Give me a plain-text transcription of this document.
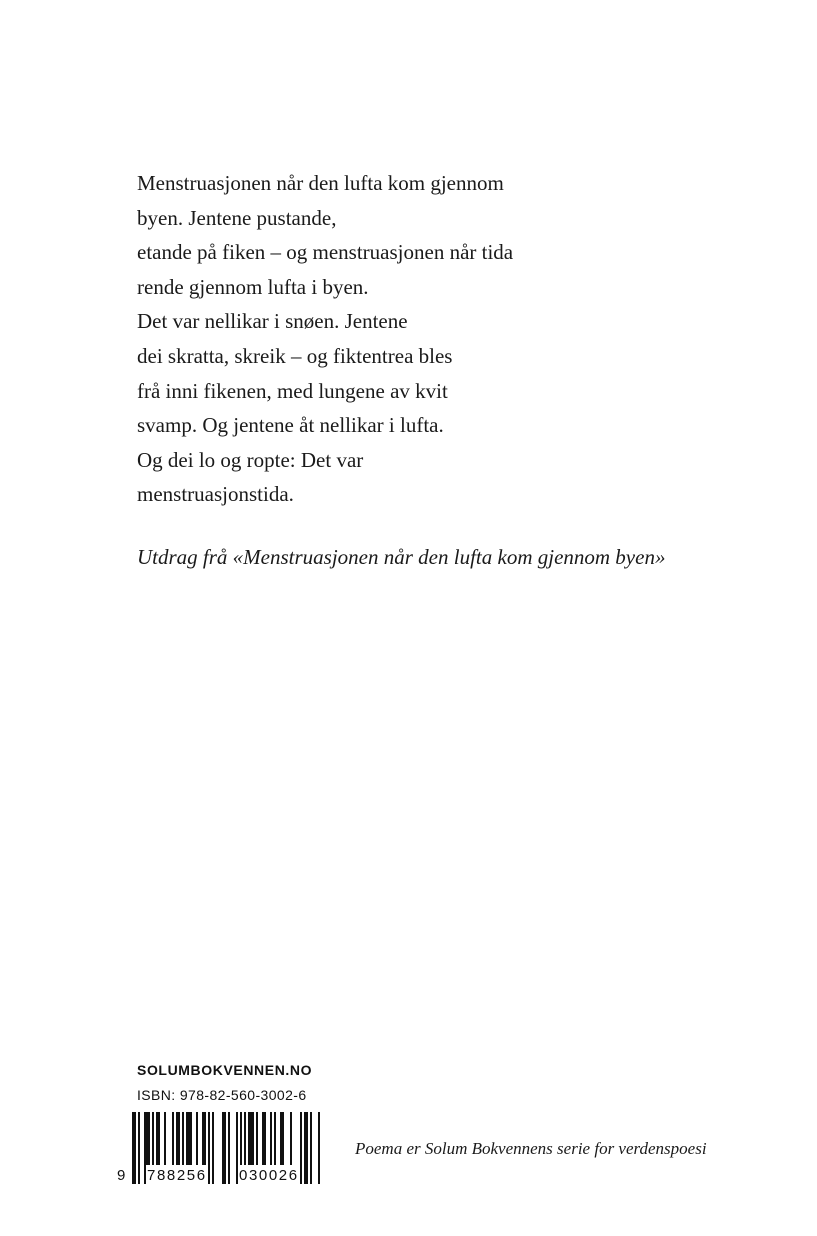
Menstruasjonen når den lufta kom gjennom
byen. Jentene pustande,
etande på fiken – og menstruasjonen når tida
rende gjennom lufta i byen.
Det var nellikar i snøen. Jentene
dei skratta, skreik – og fiktentrea bles
frå inni fikenen, med lungene av kvit
svamp. Og jentene åt nellikar i lufta.
Og dei lo og ropte: Det var
menstruasjonstida.

Utdrag frå «Menstruasjonen når den lufta kom gjennom byen»

SOLUMBOKVENNEN.NO
ISBN: 978-82-560-3002-6
9 788256 030026
Poema er Solum Bokvennens serie for verdenspoesi
